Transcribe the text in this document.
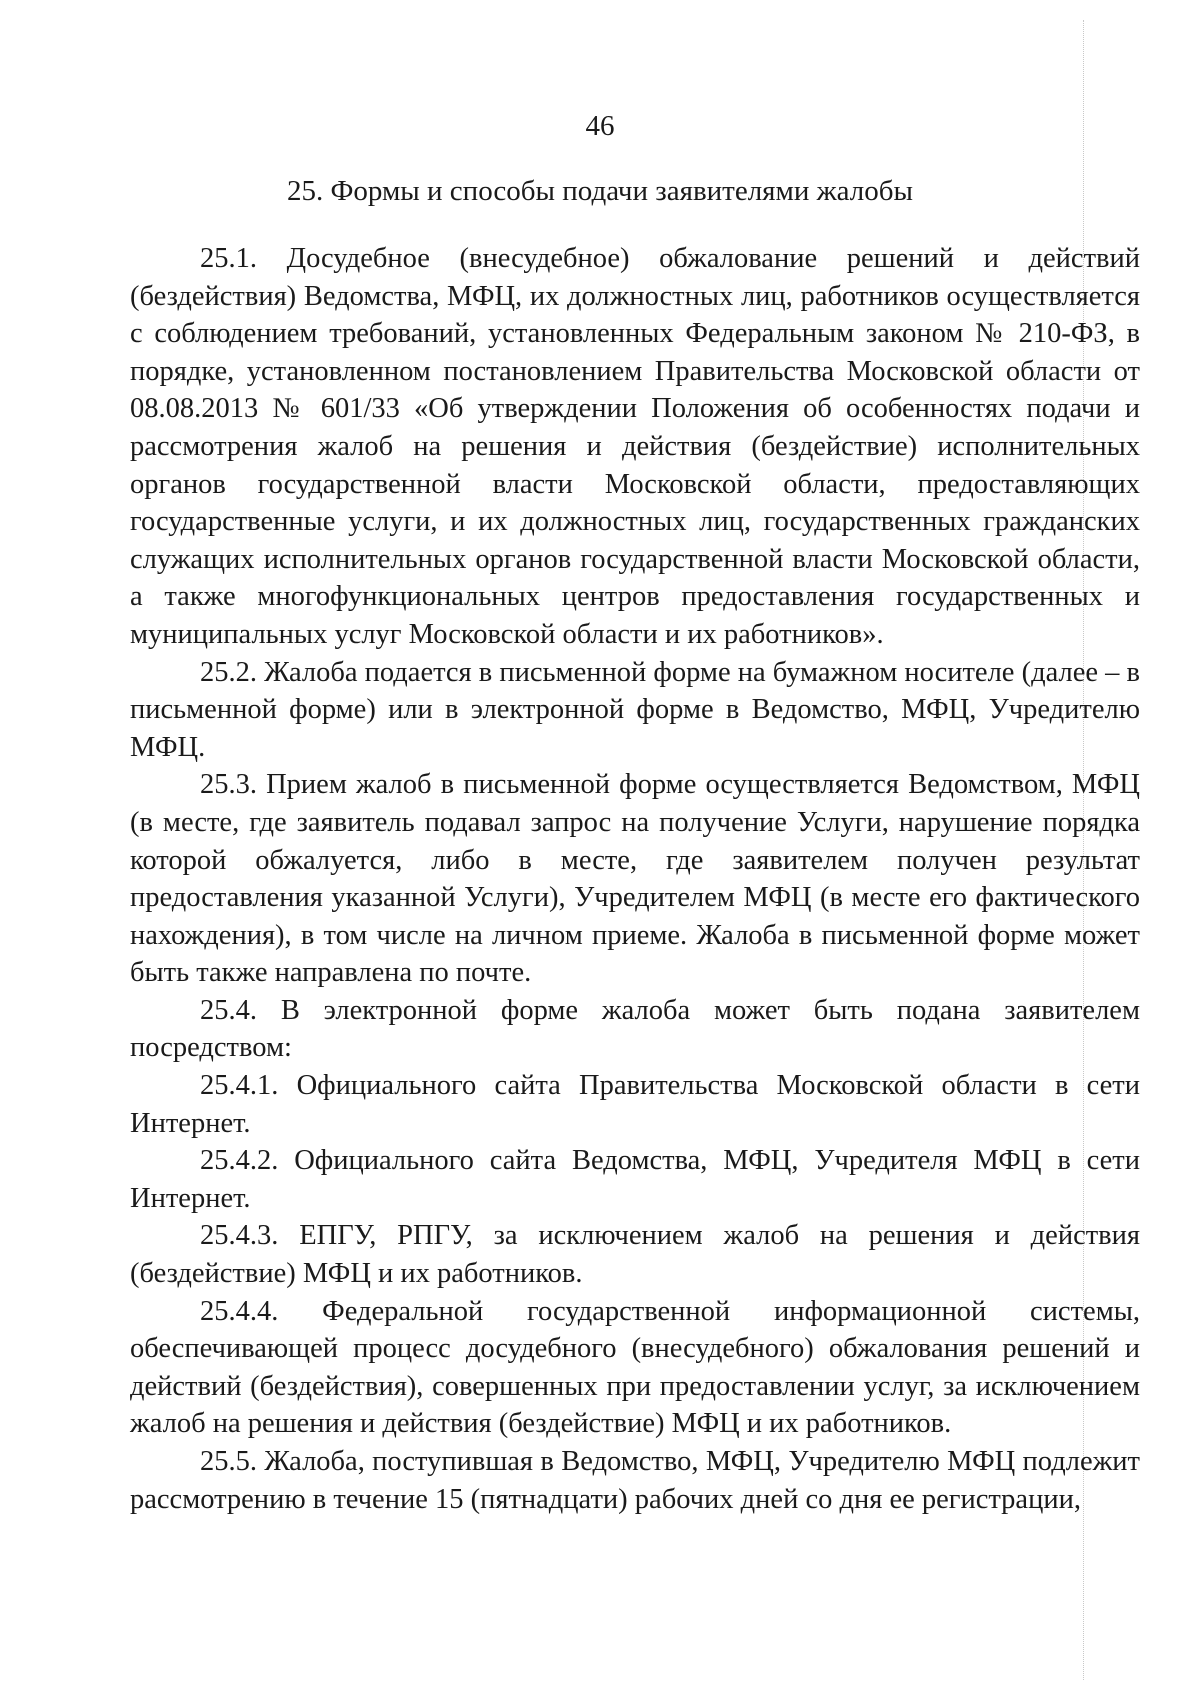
46
25. Формы и способы подачи заявителями жалобы

25.1. Досудебное (внесудебное) обжалование решений и действий (бездействия) Ведомства, МФЦ, их должностных лиц, работников осуществляется с соблюдением требований, установленных Федеральным законом № 210-ФЗ, в порядке, установленном постановлением Правительства Московской области от 08.08.2013 № 601/33 «Об утверждении Положения об особенностях подачи и рассмотрения жалоб на решения и действия (бездействие) исполнительных органов государственной власти Московской области, предоставляющих государственные услуги, и их должностных лиц, государственных гражданских служащих исполнительных органов государственной власти Московской области, а также многофункциональных центров предоставления государственных и муниципальных услуг Московской области и их работников».

25.2. Жалоба подается в письменной форме на бумажном носителе (далее – в письменной форме) или в электронной форме в Ведомство, МФЦ, Учредителю МФЦ.

25.3. Прием жалоб в письменной форме осуществляется Ведомством, МФЦ (в месте, где заявитель подавал запрос на получение Услуги, нарушение порядка которой обжалуется, либо в месте, где заявителем получен результат предоставления указанной Услуги), Учредителем МФЦ (в месте его фактического нахождения), в том числе на личном приеме. Жалоба в письменной форме может быть также направлена по почте.

25.4. В электронной форме жалоба может быть подана заявителем посредством:

25.4.1. Официального сайта Правительства Московской области в сети Интернет.

25.4.2. Официального сайта Ведомства, МФЦ, Учредителя МФЦ в сети Интернет.

25.4.3. ЕПГУ, РПГУ, за исключением жалоб на решения и действия (бездействие) МФЦ и их работников.

25.4.4. Федеральной государственной информационной системы, обеспечивающей процесс досудебного (внесудебного) обжалования решений и действий (бездействия), совершенных при предоставлении услуг, за исключением жалоб на решения и действия (бездействие) МФЦ и их работников.

25.5. Жалоба, поступившая в Ведомство, МФЦ, Учредителю МФЦ подлежит рассмотрению в течение 15 (пятнадцати) рабочих дней со дня ее регистрации,
